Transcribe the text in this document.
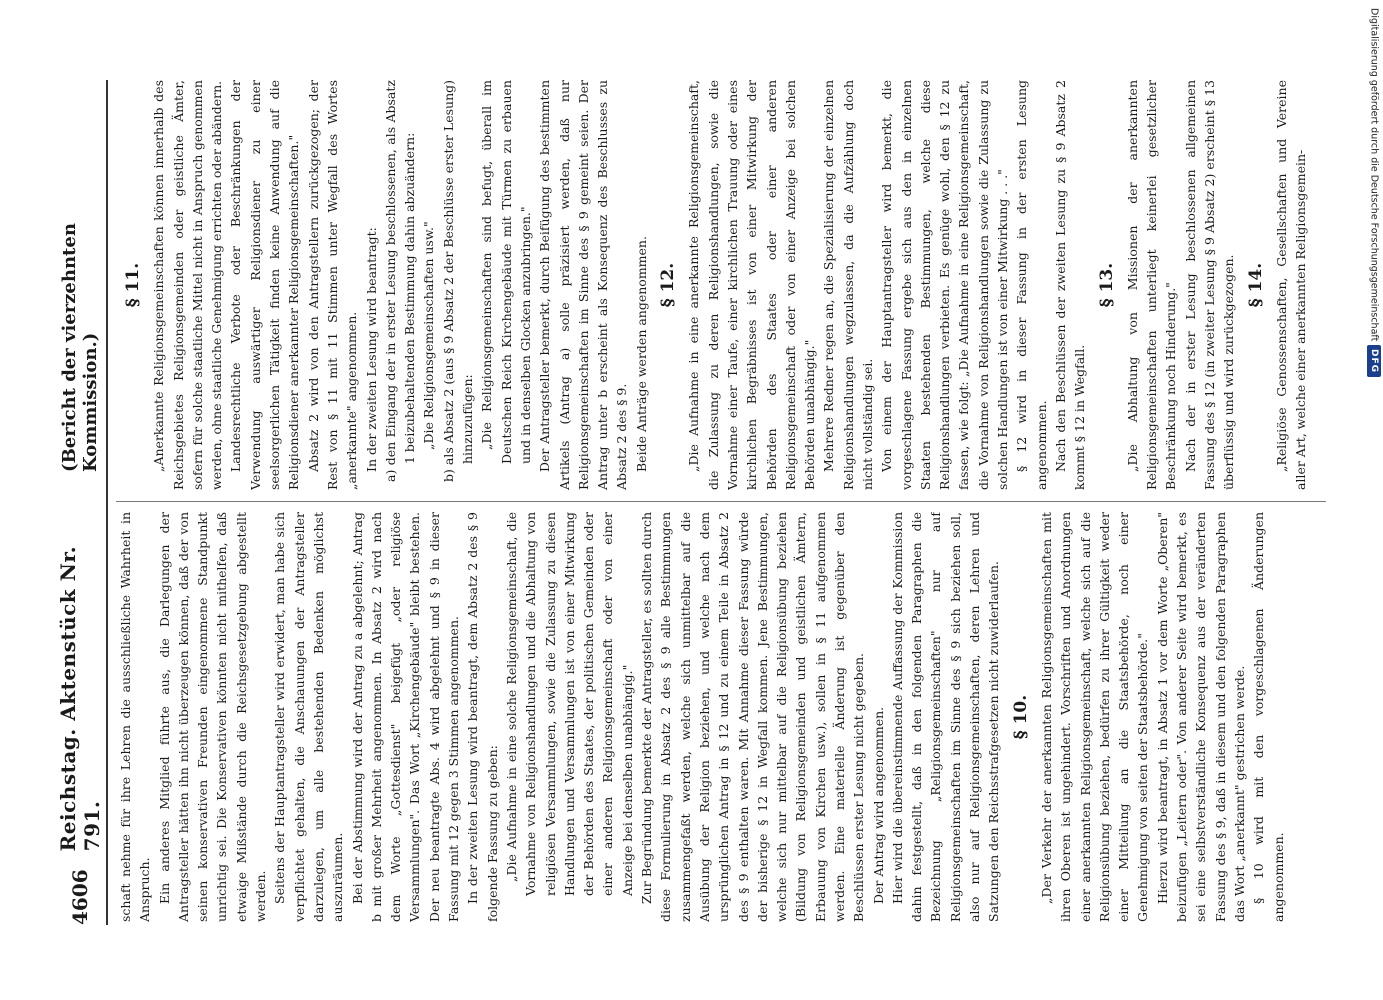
4606
Reichstag. Aktenstück Nr. 791.
(Bericht der vierzehnten Kommission.)

schaft nehme für ihre Lehren die ausschließliche Wahrheit in Anspruch. Ein anderes Mitglied führte aus, die Darlegungen der Antragsteller hätten ihn nicht überzeugen können, daß der von seinen konservativen Freunden eingenommene Standpunkt unrichtig sei. Die Konservativen könnten nicht mithelfen, daß etwaige Mißstände durch die Reichsgesetzgebung abgestellt werden. Seitens der Hauptantragsteller wird erwidert, man habe sich verpflichtet gehalten, die Anschauungen der Antragsteller darzulegen, um alle bestehenden Bedenken möglichst auszuräumen. Bei der Abstimmung wird der Antrag zu a abgelehnt; Antrag b mit großer Mehrheit angenommen. In Absatz 2 wird nach dem Worte „Gottesdienst" beigefügt „oder religiöse Versammlungen". Das Wort „Kirchengebäude" bleibt bestehen. Der neu beantragte Abs. 4 wird abgelehnt und § 9 in dieser Fassung mit 12 gegen 3 Stimmen angenommen. In der zweiten Lesung wird beantragt, dem Absatz 2 des § 9 folgende Fassung zu geben: „Die Aufnahme in eine solche Religionsgemeinschaft, die Vornahme von Religionshandlungen und die Abhaltung von religiösen Versammlungen, sowie die Zulassung zu diesen Handlungen und Versammlungen ist von einer Mitwirkung der Behörden des Staates, der politischen Gemeinden oder einer anderen Religionsgemeinschaft oder von einer Anzeige bei denselben unabhängig." Zur Begründung bemerkte der Antragsteller, es sollten durch diese Formulierung in Absatz 2 des § 9 alle Bestimmungen zusammengefaßt werden, welche sich unmittelbar auf die Ausübung der Religion beziehen, und welche nach dem ursprünglichen Antrag in § 12 und zu einem Teile in Absatz 2 des § 9 enthalten waren. Mit Annahme dieser Fassung würde der bisherige § 12 in Wegfall kommen. Jene Bestimmungen, welche sich nur mittelbar auf die Religionsübung beziehen (Bildung von Religionsgemeinden und geistlichen Ämtern, Erbauung von Kirchen usw.), sollen in § 11 aufgenommen werden. Eine materielle Änderung ist gegenüber den Beschlüssen erster Lesung nicht gegeben. Der Antrag wird angenommen. Hier wird die übereinstimmende Auffassung der Kommission dahin festgestellt, daß in den folgenden Paragraphen die Bezeichnung „Religionsgemeinschaften" nur auf Religionsgemeinschaften im Sinne des § 9 sich beziehen soll, also nur auf Religionsgemeinschaften, deren Lehren und Satzungen den Reichsstrafgesetzen nicht zuwiderlaufen. § 10. „Der Verkehr der anerkannten Religionsgemeinschaften mit ihren Oberen ist ungehindert. Vorschriften und Anordnungen einer anerkannten Religionsgemeinschaft, welche sich auf die Religionsübung beziehen, bedürfen zu ihrer Gültigkeit weder einer Mitteilung an die Staatsbehörde, noch einer Genehmigung von seiten der Staatsbehörde." Hierzu wird beantragt, in Absatz 1 vor dem Worte „Oberen" beizufügen „Leitern oder". Von anderer Seite wird bemerkt, es sei eine selbstverständliche Konsequenz aus der veränderten Fassung des § 9, daß in diesem und den folgenden Paragraphen das Wort „anerkannt" gestrichen werde. § 10 wird mit den vorgeschlagenen Änderungen angenommen.

§ 11. „Anerkannte Religionsgemeinschaften können innerhalb des Reichsgebietes Religionsgemeinden oder geistliche Ämter, sofern für solche staatliche Mittel nicht in Anspruch genommen werden, ohne staatliche Genehmigung errichten oder abändern. Landesrechtliche Verbote oder Beschränkungen der Verwendung auswärtiger Religionsdiener zu einer seelsorgerlichen Tätigkeit finden keine Anwendung auf die Religionsdiener anerkannter Religionsgemeinschaften." Absatz 2 wird von den Antragstellern zurückgezogen; der Rest von § 11 mit 11 Stimmen unter Wegfall des Wortes „anerkannte" angenommen. In der zweiten Lesung wird beantragt: a) den Eingang der in erster Lesung beschlossenen, als Absatz 1 beizubehaltenden Bestimmung dahin abzuändern: „Die Religionsgemeinschaften usw." b) als Absatz 2 (aus § 9 Absatz 2 der Beschlüsse erster Lesung) hinzuzufügen: „Die Religionsgemeinschaften sind befugt, überall im Deutschen Reich Kirchengebäude mit Türmen zu erbauen und in denselben Glocken anzubringen." Der Antragsteller bemerkt, durch Beifügung des bestimmten Artikels (Antrag a) solle präzisiert werden, daß nur Religionsgemeinschaften im Sinne des § 9 gemeint seien. Der Antrag unter b erscheint als Konsequenz des Beschlusses zu Absatz 2 des § 9. Beide Anträge werden angenommen. § 12. „Die Aufnahme in eine anerkannte Religionsgemeinschaft, die Zulassung zu deren Religionshandlungen, sowie die Vornahme einer Taufe, einer kirchlichen Trauung oder eines kirchlichen Begräbnisses ist von einer Mitwirkung der Behörden des Staates oder einer anderen Religionsgemeinschaft oder von einer Anzeige bei solchen Behörden unabhängig." Mehrere Redner regen an, die Spezialisierung der einzelnen Religionshandlungen wegzulassen, da die Aufzählung doch nicht vollständig sei. Von einem der Hauptantragsteller wird bemerkt, die vorgeschlagene Fassung ergebe sich aus den in einzelnen Staaten bestehenden Bestimmungen, welche diese Religionshandlungen verbieten. Es genüge wohl, den § 12 zu fassen, wie folgt: „Die Aufnahme in eine Religionsgemeinschaft, die Vornahme von Religionshandlungen sowie die Zulassung zu solchen Handlungen ist von einer Mitwirkung . . ." § 12 wird in dieser Fassung in der ersten Lesung angenommen. Nach den Beschlüssen der zweiten Lesung zu § 9 Absatz 2 kommt § 12 in Wegfall.

§ 13. „Die Abhaltung von Missionen der anerkannten Religionsgemeinschaften unterliegt keinerlei gesetzlicher Beschränkung noch Hinderung." Nach der in erster Lesung beschlossenen allgemeinen Fassung des § 12 (in zweiter Lesung § 9 Absatz 2) erscheint § 13 überflüssig und wird zurückgezogen. § 14. „Religiöse Genossenschaften, Gesellschaften und Vereine aller Art, welche einer anerkannten Religionsgemein-	Digitalisierung gefördert durch die Deutsche Forschungsgemeinschaft
DFG
